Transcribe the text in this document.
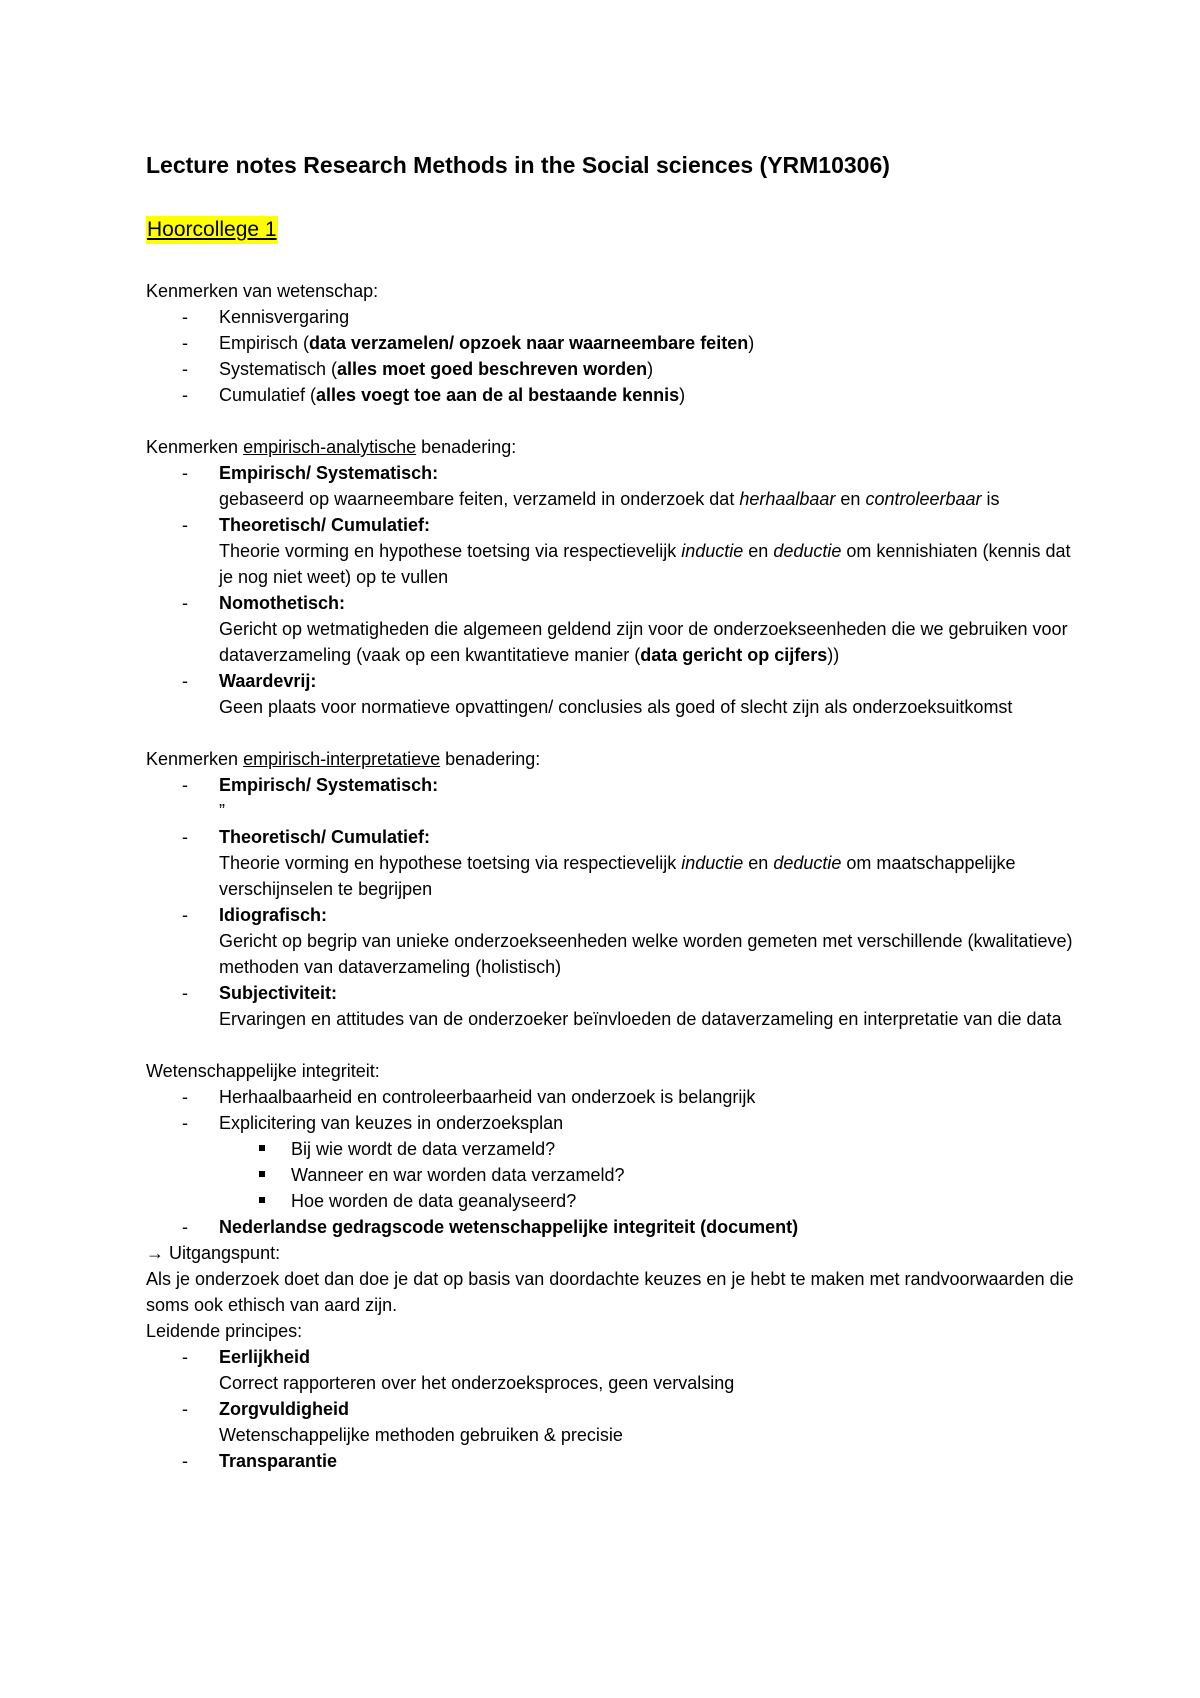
Lecture notes Research Methods in the Social sciences (YRM10306)
Hoorcollege 1

Kenmerken van wetenschap:

- Kennisvergaring
- Empirisch (data verzamelen/ opzoek naar waarneembare feiten)
- Systematisch (alles moet goed beschreven worden)
- Cumulatief (alles voegt toe aan de al bestaande kennis)

Kenmerken empirisch-analytische benadering:

- Empirisch/ Systematisch:
gebaseerd op waarneembare feiten, verzameld in onderzoek dat herhaalbaar en controleerbaar is
- Theoretisch/ Cumulatief:
Theorie vorming en hypothese toetsing via respectievelijk inductie en deductie om kennishiaten (kennis dat je nog niet weet) op te vullen
- Nomothetisch:
Gericht op wetmatigheden die algemeen geldend zijn voor de onderzoekseenheden die we gebruiken voor dataverzameling (vaak op een kwantitatieve manier (data gericht op cijfers))
- Waardevrij:
Geen plaats voor normatieve opvattingen/ conclusies als goed of slecht zijn als onderzoeksuitkomst

Kenmerken empirisch-interpretatieve benadering:

- Empirisch/ Systematisch:
”
- Theoretisch/ Cumulatief:
Theorie vorming en hypothese toetsing via respectievelijk inductie en deductie om maatschappelijke verschijnselen te begrijpen
- Idiografisch:
Gericht op begrip van unieke onderzoekseenheden welke worden gemeten met verschillende (kwalitatieve) methoden van dataverzameling (holistisch)
- Subjectiviteit:
Ervaringen en attitudes van de onderzoeker beïnvloeden de dataverzameling en interpretatie van die data

Wetenschappelijke integriteit:

- Herhaalbaarheid en controleerbaarheid van onderzoek is belangrijk
- Explicitering van keuzes in onderzoeksplan
Bij wie wordt de data verzameld?
Wanneer en war worden data verzameld?
Hoe worden de data geanalyseerd?
- Nederlandse gedragscode wetenschappelijke integriteit (document)

→ Uitgangspunt:

Als je onderzoek doet dan doe je dat op basis van doordachte keuzes en je hebt te maken met randvoorwaarden die soms ook ethisch van aard zijn.

Leidende principes:

- Eerlijkheid
Correct rapporteren over het onderzoeksproces, geen vervalsing
- Zorgvuldigheid
Wetenschappelijke methoden gebruiken & precisie
- Transparantie
